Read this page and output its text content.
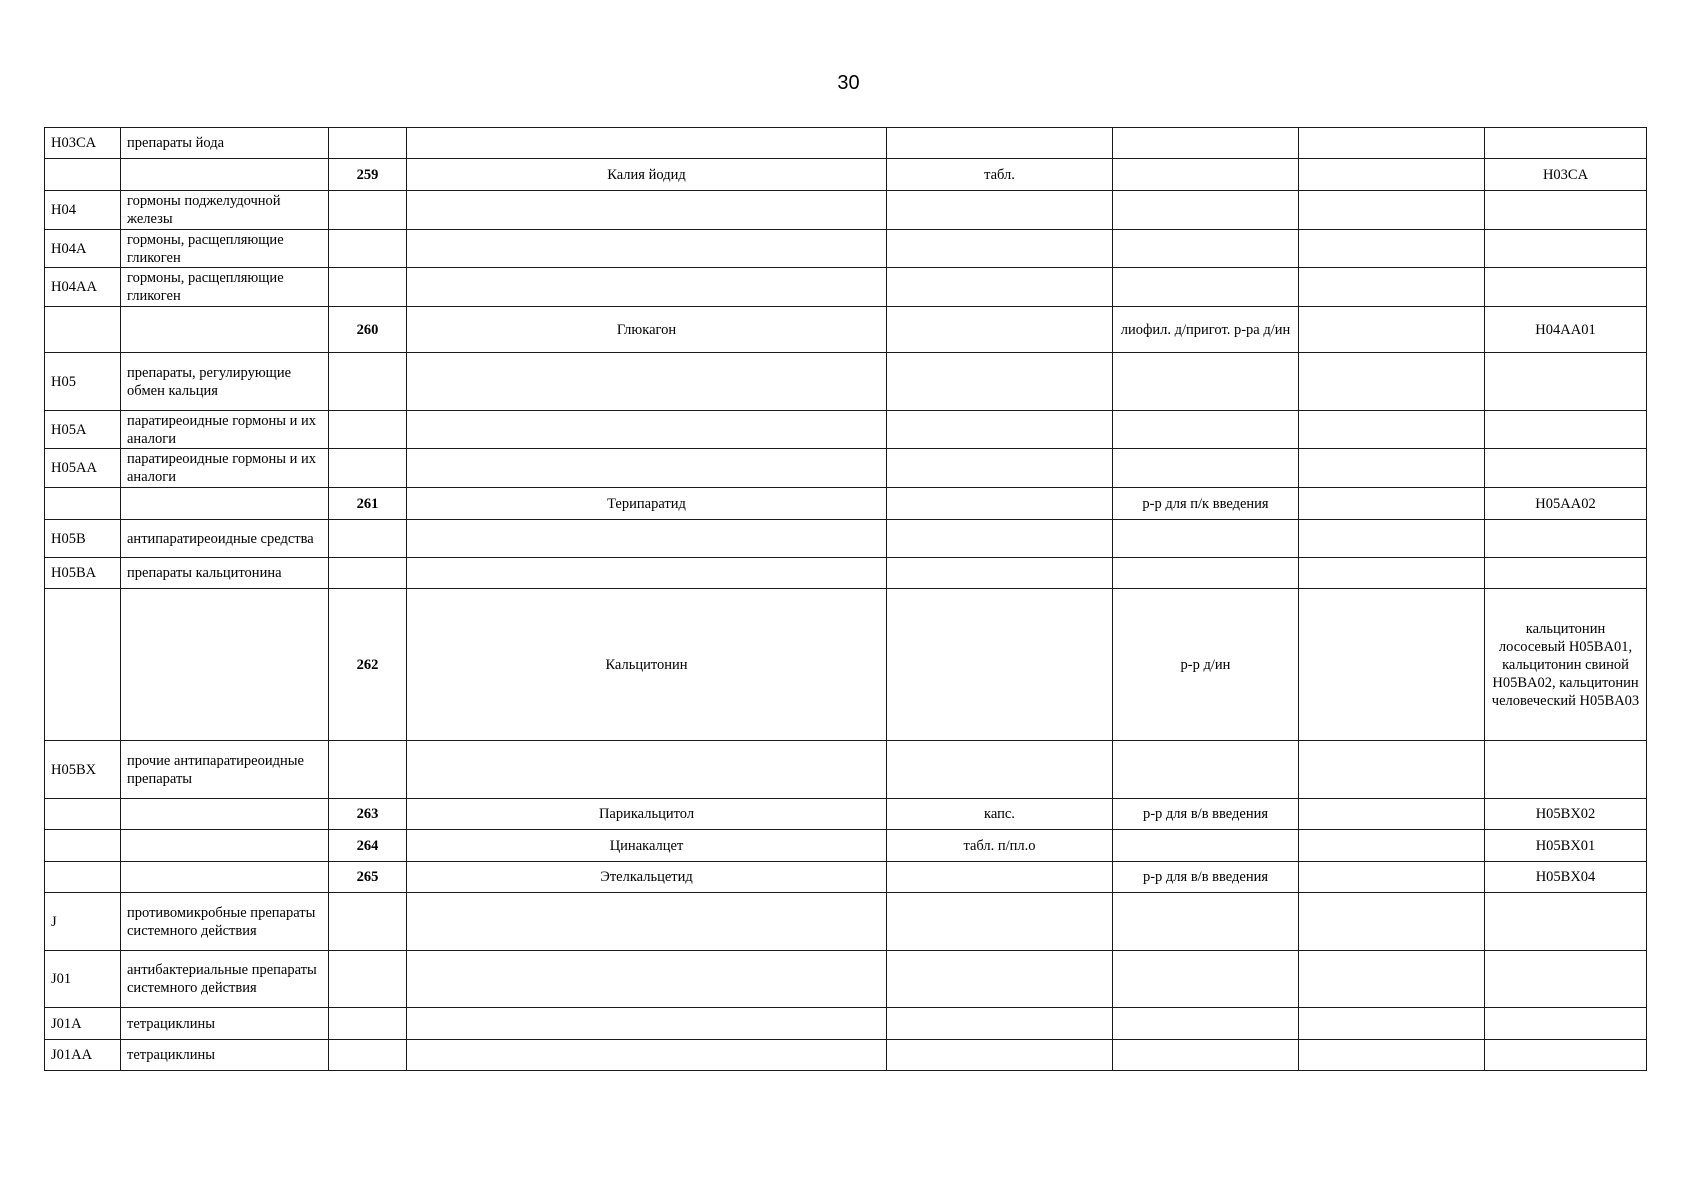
30
H03CA	препараты йода						
		259	Калия йодид	табл.			H03CA
H04	гормоны поджелудочной железы						
H04A	гормоны, расщепляющие гликоген						
H04AA	гормоны, расщепляющие гликоген						
		260	Глюкагон		лиофил. д/пригот. р-ра д/ин		H04AA01
H05	препараты, регулирующие обмен кальция						
H05A	паратиреоидные гормоны и их аналоги						
H05AA	паратиреоидные гормоны и их аналоги						
		261	Терипаратид		р-р для п/к введения		H05AA02
H05B	антипаратиреоидные средства						
H05BA	препараты кальцитонина						
		262	Кальцитонин		р-р д/ин		кальцитонин лососевый H05BA01, кальцитонин свиной H05BA02, кальцитонин человеческий H05BA03
H05BX	прочие антипаратиреоидные препараты						
		263	Парикальцитол	капс.	р-р для в/в введения		H05BX02
		264	Цинакалцет	табл. п/пл.о			H05BX01
		265	Этелкальцетид		р-р для в/в введения		H05BX04
J	противомикробные препараты системного действия						
J01	антибактериальные препараты системного действия						
J01A	тетрациклины						
J01AA	тетрациклины						
